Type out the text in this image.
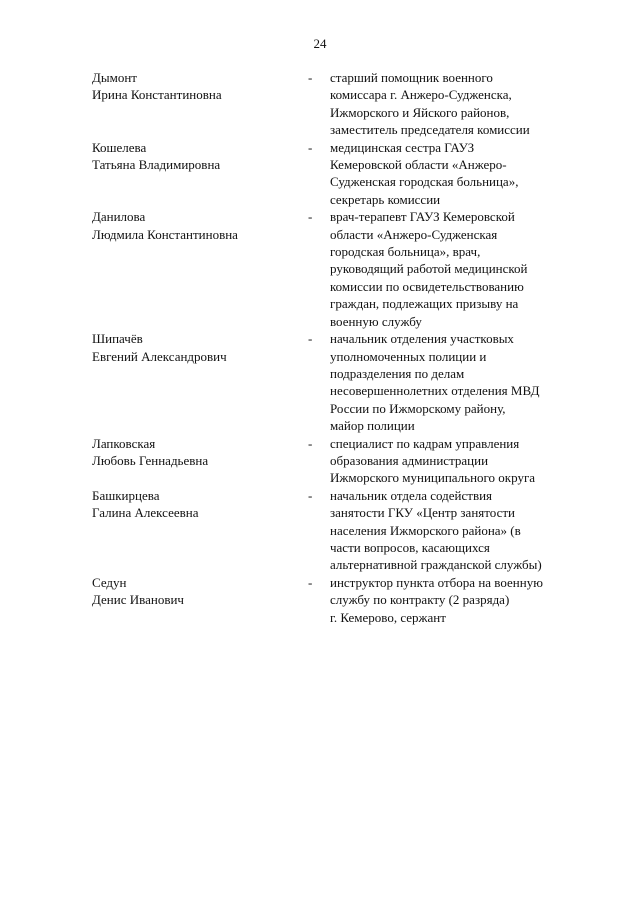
24
Дымонт
Ирина Константиновна
-	старший помощник военного
комиссара г. Анжеро-Судженска,
Ижморского и Яйского районов,
заместитель председателя комиссии
Кошелева
Татьяна Владимировна
-	медицинская сестра ГАУЗ
Кемеровской области «Анжеро-
Судженская городская больница»,
секретарь комиссии
Данилова
Людмила Константиновна
-	врач-терапевт ГАУЗ Кемеровской
области «Анжеро-Судженская
городская больница», врач,
руководящий работой медицинской
комиссии по освидетельствованию
граждан, подлежащих призыву на
военную службу
Шипачёв
Евгений Александрович
-	начальник отделения участковых
уполномоченных полиции и
подразделения по делам
несовершеннолетних отделения МВД
России по Ижморскому району,
майор полиции
Лапковская
Любовь Геннадьевна
-	специалист по кадрам управления
образования администрации
Ижморского муниципального округа
Башкирцева
Галина Алексеевна
-	начальник отдела содействия
занятости ГКУ «Центр занятости
населения Ижморского района» (в
части вопросов, касающихся
альтернативной гражданской службы)
Седун
Денис Иванович
-	инструктор пункта отбора на военную
службу по контракту (2 разряда)
г. Кемерово, сержант
